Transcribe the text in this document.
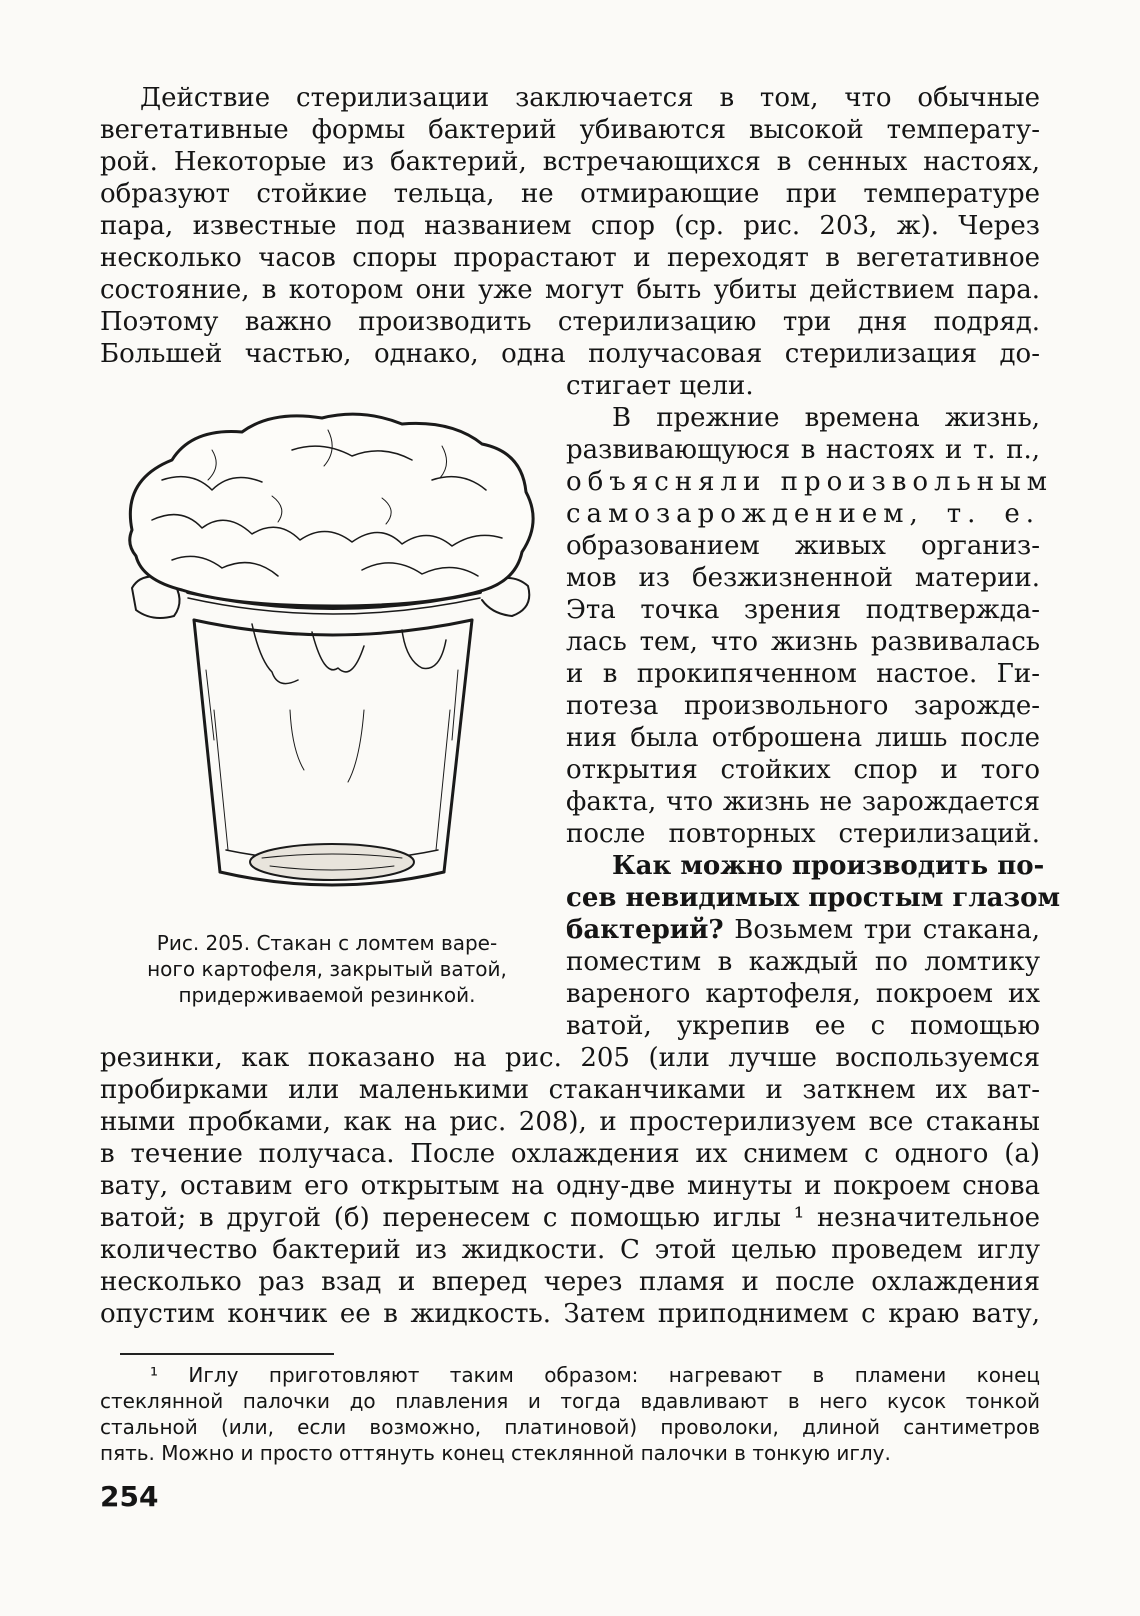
Действие стерилизации заключается в том, что обычные
вегетативные формы бактерий убиваются высокой температу-
рой. Некоторые из бактерий, встречающихся в сенных настоях,
образуют стойкие тельца, не отмирающие при температуре
пара, известные под названием спор (ср. рис. 203, ж). Через
несколько часов споры прорастают и переходят в вегетативное
состояние, в котором они уже могут быть убиты действием пара.
Поэтому важно производить стерилизацию три дня подряд.
Большей частью, однако, одна получасовая стерилизация до-
стигает цели.
В прежние времена жизнь,
развивающуюся в настоях и т. п.,
объясняли произвольным
самозарождением, т. е.
образованием живых организ-
мов из безжизненной материи.
Эта точка зрения подтвержда-
лась тем, что жизнь развивалась
и в прокипяченном настое. Ги-
потеза произвольного зарожде-
ния была отброшена лишь после
открытия стойких спор и того
факта, что жизнь не зарождается
после повторных стерилизаций.
Как можно производить по-
сев невидимых простым глазом
бактерий? Возьмем три стакана,
поместим в каждый по ломтику
вареного картофеля, покроем их
ватой, укрепив ее с помощью
резинки, как показано на рис. 205 (или лучше воспользуемся
пробирками или маленькими стаканчиками и заткнем их ват-
ными пробками, как на рис. 208), и простерилизуем все стаканы
в течение получаса. После охлаждения их снимем с одного (а)
вату, оставим его открытым на одну-две минуты и покроем снова
ватой; в другой (б) перенесем с помощью иглы ¹ незначительное
количество бактерий из жидкости. С этой целью проведем иглу
несколько раз взад и вперед через пламя и после охлаждения
опустим кончик ее в жидкость. Затем приподнимем с краю вату,
Рис. 205. Стакан с ломтем варе-
ного картофеля, закрытый ватой,
придерживаемой резинкой.
¹ Иглу приготовляют таким образом: нагревают в пламени конец
стеклянной палочки до плавления и тогда вдавливают в него кусок тонкой
стальной (или, если возможно, платиновой) проволоки, длиной сантиметров
пять. Можно и просто оттянуть конец стеклянной палочки в тонкую иглу.
254
